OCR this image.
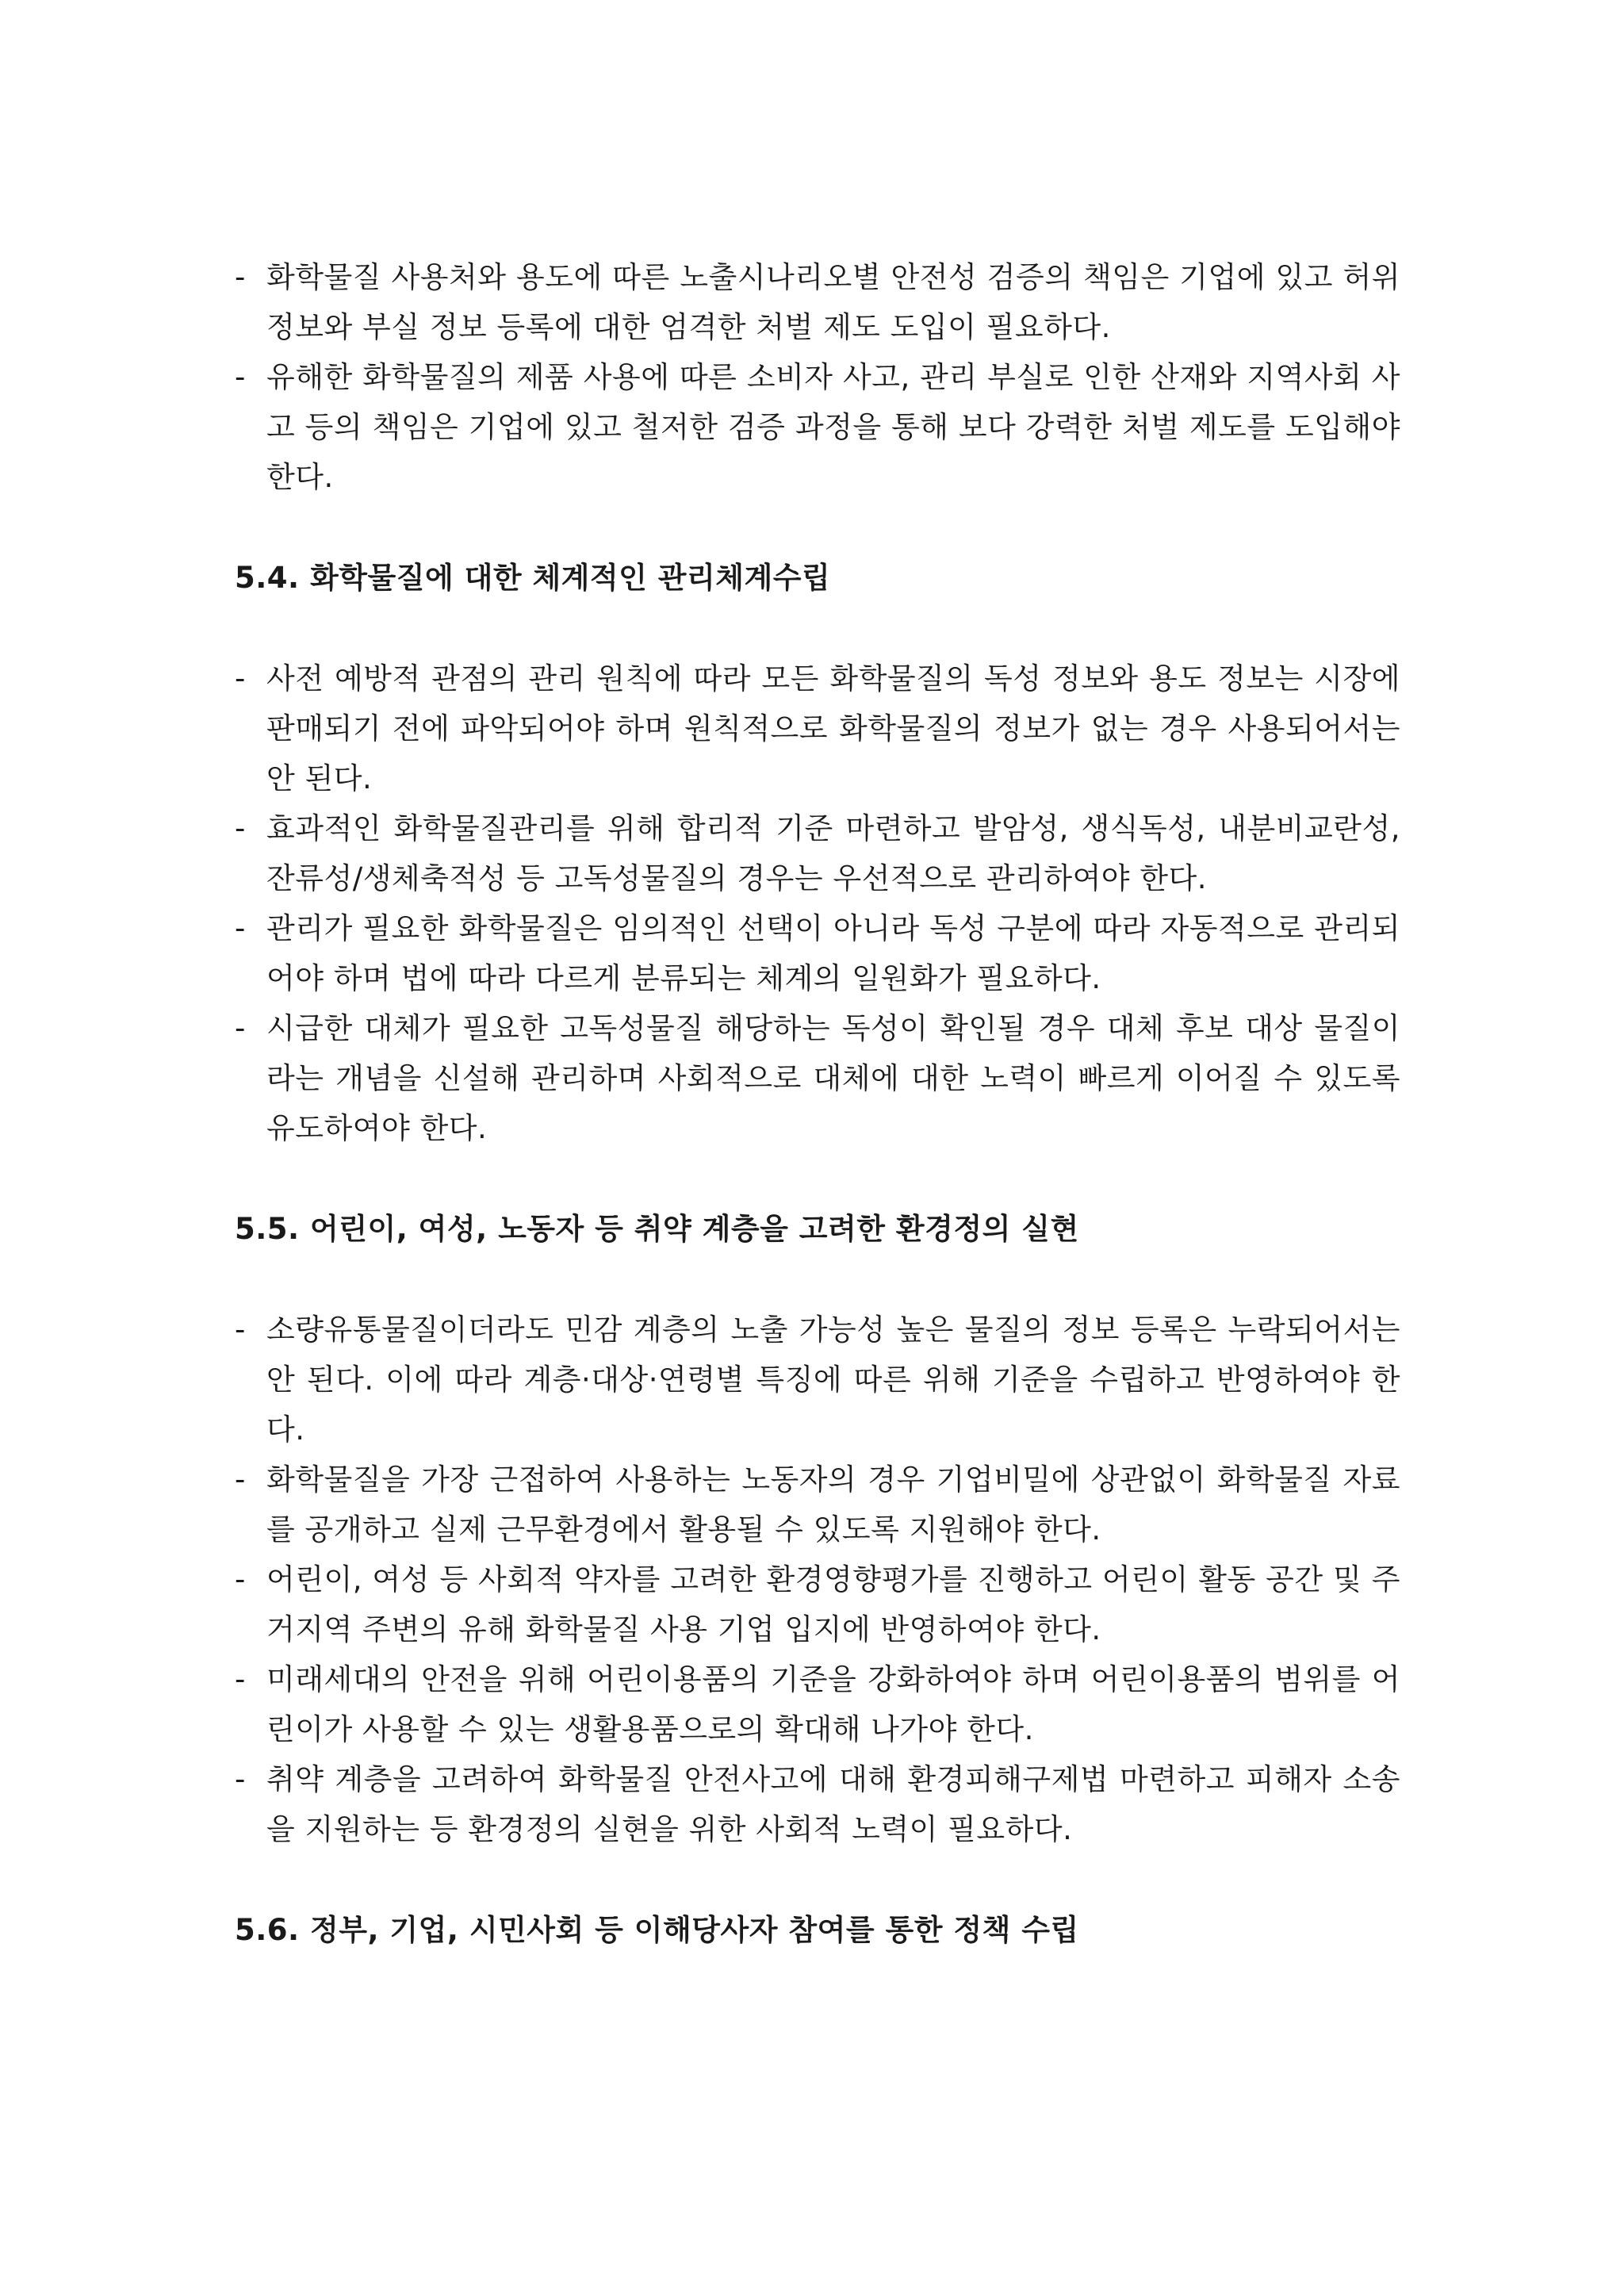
- 화학물질 사용처와 용도에 따른 노출시나리오별 안전성 검증의 책임은 기업에 있고 허위 정보와 부실 정보 등록에 대한 엄격한 처벌 제도 도입이 필요하다.
- 유해한 화학물질의 제품 사용에 따른 소비자 사고, 관리 부실로 인한 산재와 지역사회 사고 등의 책임은 기업에 있고 철저한 검증 과정을 통해 보다 강력한 처벌 제도를 도입해야 한다.
5.4. 화학물질에 대한 체계적인 관리체계수립
- 사전 예방적 관점의 관리 원칙에 따라 모든 화학물질의 독성 정보와 용도 정보는 시장에 판매되기 전에 파악되어야 하며 원칙적으로 화학물질의 정보가 없는 경우 사용되어서는 안 된다.
- 효과적인 화학물질관리를 위해 합리적 기준 마련하고 발암성, 생식독성, 내분비교란성, 잔류성/생체축적성 등 고독성물질의 경우는 우선적으로 관리하여야 한다.
- 관리가 필요한 화학물질은 임의적인 선택이 아니라 독성 구분에 따라 자동적으로 관리되어야 하며 법에 따라 다르게 분류되는 체계의 일원화가 필요하다.
- 시급한 대체가 필요한 고독성물질 해당하는 독성이 확인될 경우 대체 후보 대상 물질이라는 개념을 신설해 관리하며 사회적으로 대체에 대한 노력이 빠르게 이어질 수 있도록 유도하여야 한다.
5.5. 어린이, 여성, 노동자 등 취약 계층을 고려한 환경정의 실현
- 소량유통물질이더라도 민감 계층의 노출 가능성 높은 물질의 정보 등록은 누락되어서는 안 된다. 이에 따라 계층·대상·연령별 특징에 따른 위해 기준을 수립하고 반영하여야 한다.
- 화학물질을 가장 근접하여 사용하는 노동자의 경우 기업비밀에 상관없이 화학물질 자료를 공개하고 실제 근무환경에서 활용될 수 있도록 지원해야 한다.
- 어린이, 여성 등 사회적 약자를 고려한 환경영향평가를 진행하고 어린이 활동 공간 및 주거지역 주변의 유해 화학물질 사용 기업 입지에 반영하여야 한다.
- 미래세대의 안전을 위해 어린이용품의 기준을 강화하여야 하며 어린이용품의 범위를 어린이가 사용할 수 있는 생활용품으로의 확대해 나가야 한다.
- 취약 계층을 고려하여 화학물질 안전사고에 대해 환경피해구제법 마련하고 피해자 소송을 지원하는 등 환경정의 실현을 위한 사회적 노력이 필요하다.
5.6. 정부, 기업, 시민사회 등 이해당사자 참여를 통한 정책 수립
